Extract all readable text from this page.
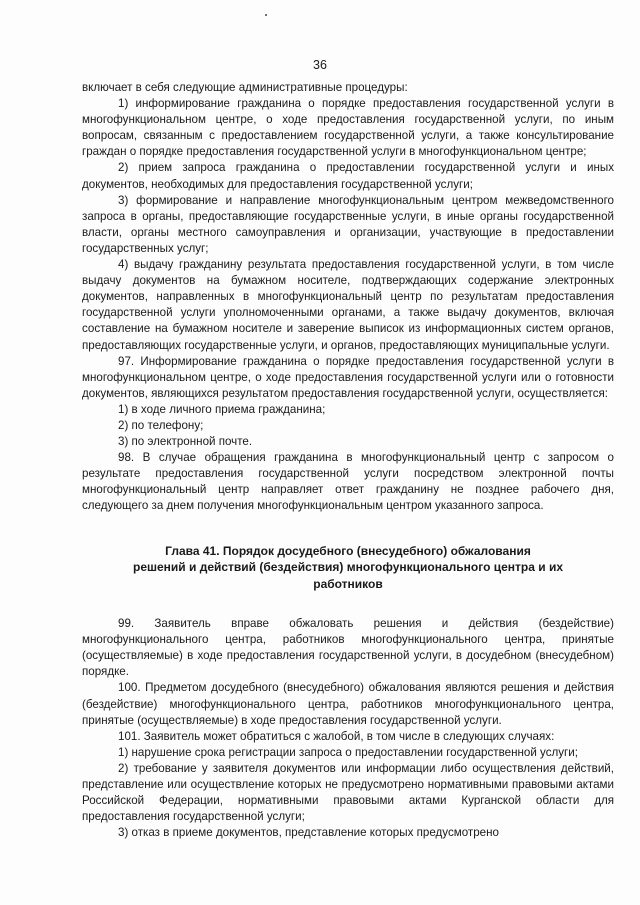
36

включает в себя следующие административные процедуры:

1) информирование гражданина о порядке предоставления государственной услуги в многофункциональном центре, о ходе предоставления государственной услуги, по иным вопросам, связанным с предоставлением государственной услуги, а также консультирование граждан о порядке предоставления государственной услуги в многофункциональном центре;

2) прием запроса гражданина о предоставлении государственной услуги и иных документов, необходимых для предоставления государственной услуги;

3) формирование и направление многофункциональным центром межведомственного запроса в органы, предоставляющие государственные услуги, в иные органы государственной власти, органы местного самоуправления и организации, участвующие в предоставлении государственных услуг;

4) выдачу гражданину результата предоставления государственной услуги, в том числе выдачу документов на бумажном носителе, подтверждающих содержание электронных документов, направленных в многофункциональный центр по результатам предоставления государственной услуги уполномоченными органами, а также выдачу документов, включая составление на бумажном носителе и заверение выписок из информационных систем органов, предоставляющих государственные услуги, и органов, предоставляющих муниципальные услуги.

97. Информирование гражданина о порядке предоставления государственной услуги в многофункциональном центре, о ходе предоставления государственной услуги или о готовности документов, являющихся результатом предоставления государственной услуги, осуществляется:

1) в ходе личного приема гражданина;

2) по телефону;

3) по электронной почте.

98. В случае обращения гражданина в многофункциональный центр с запросом о результате предоставления государственной услуги посредством электронной почты многофункциональный центр направляет ответ гражданину не позднее рабочего дня, следующего за днем получения многофункциональным центром указанного запроса.

Глава 41. Порядок досудебного (внесудебного) обжалования
решений и действий (бездействия) многофункционального центра и их
работников

99. Заявитель вправе обжаловать решения и действия (бездействие) многофункционального центра, работников многофункционального центра, принятые (осуществляемые) в ходе предоставления государственной услуги, в досудебном (внесудебном) порядке.

100. Предметом досудебного (внесудебного) обжалования являются решения и действия (бездействие) многофункционального центра, работников многофункционального центра, принятые (осуществляемые) в ходе предоставления государственной услуги.

101. Заявитель может обратиться с жалобой, в том числе в следующих случаях:

1) нарушение срока регистрации запроса о предоставлении государственной услуги;

2) требование у заявителя документов или информации либо осуществления действий, представление или осуществление которых не предусмотрено нормативными правовыми актами Российской Федерации, нормативными правовыми актами Курганской области для предоставления государственной услуги;

3) отказ в приеме документов, представление которых предусмотрено
